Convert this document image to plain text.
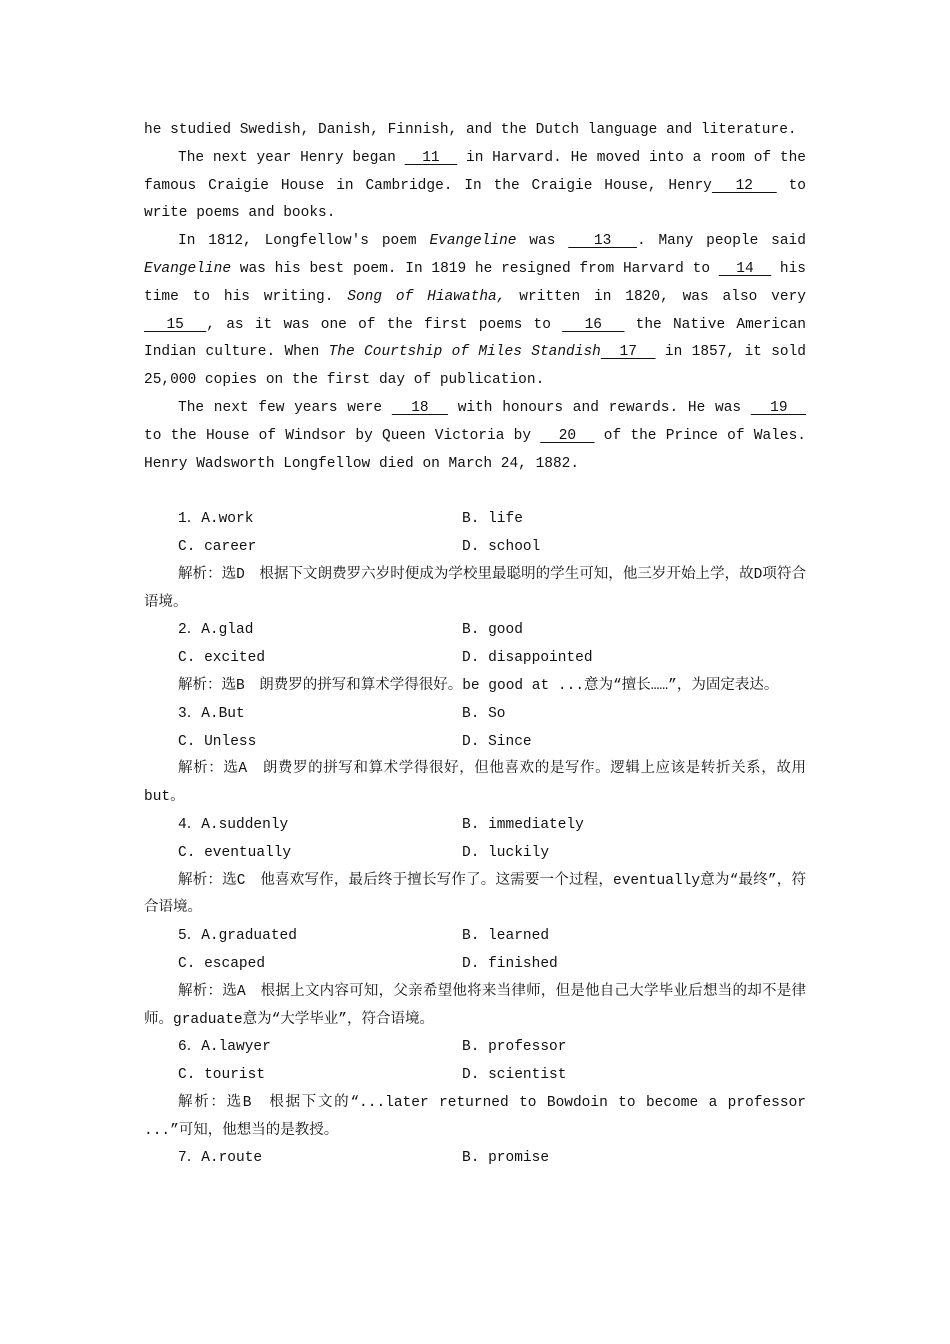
he studied Swedish, Danish, Finnish, and the Dutch language and literature.

The next year Henry began   11   in Harvard. He moved into a room of the famous Craigie House in Cambridge. In the Craigie House, Henry  12   to write poems and books.

In 1812, Longfellow's poem Evangeline was   13  . Many people said Evangeline was his best poem. In 1819 he resigned from Harvard to   14   his time to his writing. Song of Hiawatha, written in 1820, was also very   15  , as it was one of the first poems to   16   the Native American Indian culture. When The Courtship of Miles Standish  17   in 1857, it sold 25,000 copies on the first day of publication.

The next few years were   18   with honours and rewards. He was   19   to the House of Windsor by Queen Victoria by   20   of the Prince of Wales. Henry Wadsworth Longfellow died on March 24, 1882.

1．A.work	B. life
C. career	D. school

解析：选D　根据下文朗费罗六岁时便成为学校里最聪明的学生可知，他三岁开始上学，故D项符合语境。

2．A.glad	B. good
C. excited	D. disappointed

解析：选B　朗费罗的拼写和算术学得很好。be good at ...意为“擅长……”，为固定表达。

3．A.But	B. So
C. Unless	D. Since

解析：选A　朗费罗的拼写和算术学得很好，但他喜欢的是写作。逻辑上应该是转折关系，故用but。

4．A.suddenly	B. immediately
C. eventually	D. luckily

解析：选C　他喜欢写作，最后终于擅长写作了。这需要一个过程，eventually意为“最终”，符合语境。

5．A.graduated	B. learned
C. escaped	D. finished

解析：选A　根据上文内容可知，父亲希望他将来当律师，但是他自己大学毕业后想当的却不是律师。graduate意为“大学毕业”，符合语境。

6．A.lawyer	B. professor
C. tourist	D. scientist

解析：选B　根据下文的“...later returned to Bowdoin to become a professor ...”可知，他想当的是教授。

7．A.route	B. promise
